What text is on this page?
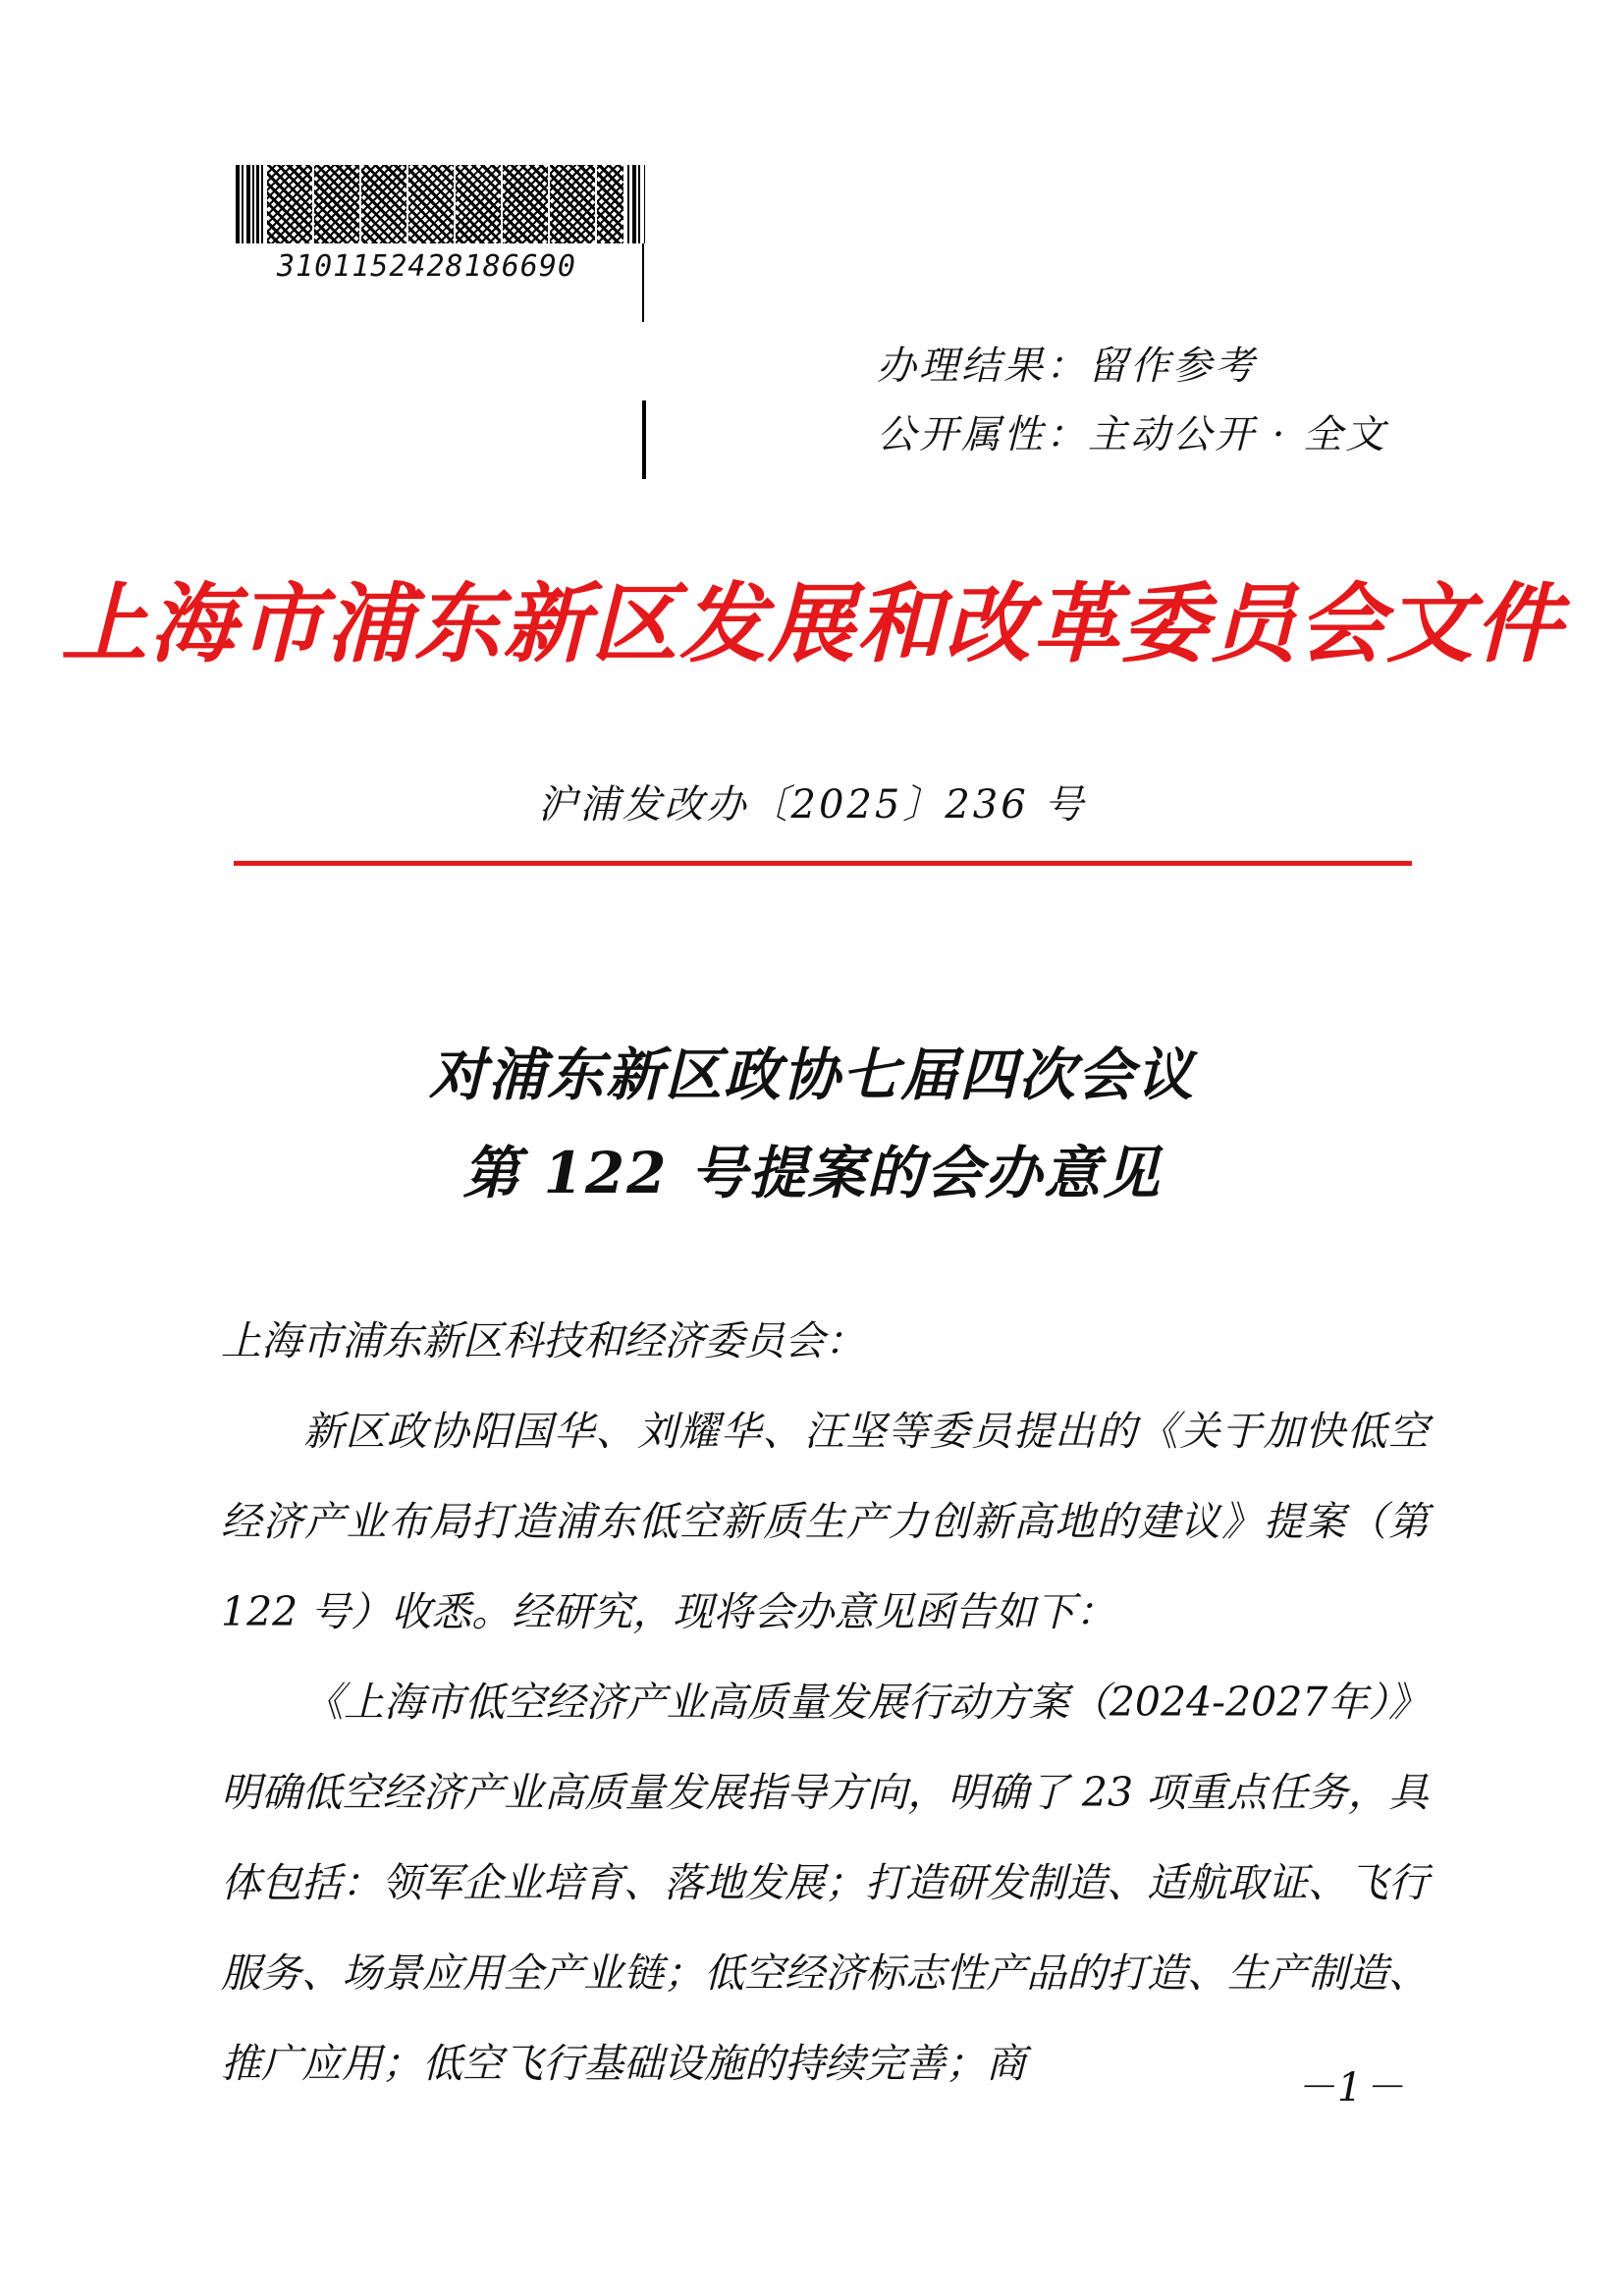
3101152428186690
办理结果：留作参考
公开属性：主动公开 · 全文
上海市浦东新区发展和改革委员会文件
沪浦发改办〔2025〕236 号
对浦东新区政协七届四次会议
第 122 号提案的会办意见

上海市浦东新区科技和经济委员会：

新区政协阳国华、刘耀华、汪坚等委员提出的《关于加快低空经济产业布局打造浦东低空新质生产力创新高地的建议》提案（第 122 号）收悉。经研究，现将会办意见函告如下：

《上海市低空经济产业高质量发展行动方案（2024-2027年）》明确低空经济产业高质量发展指导方向，明确了 23 项重点任务，具体包括：领军企业培育、落地发展；打造研发制造、适航取证、飞行服务、场景应用全产业链；低空经济标志性产品的打造、生产制造、推广应用；低空飞行基础设施的持续完善；商

－1－
